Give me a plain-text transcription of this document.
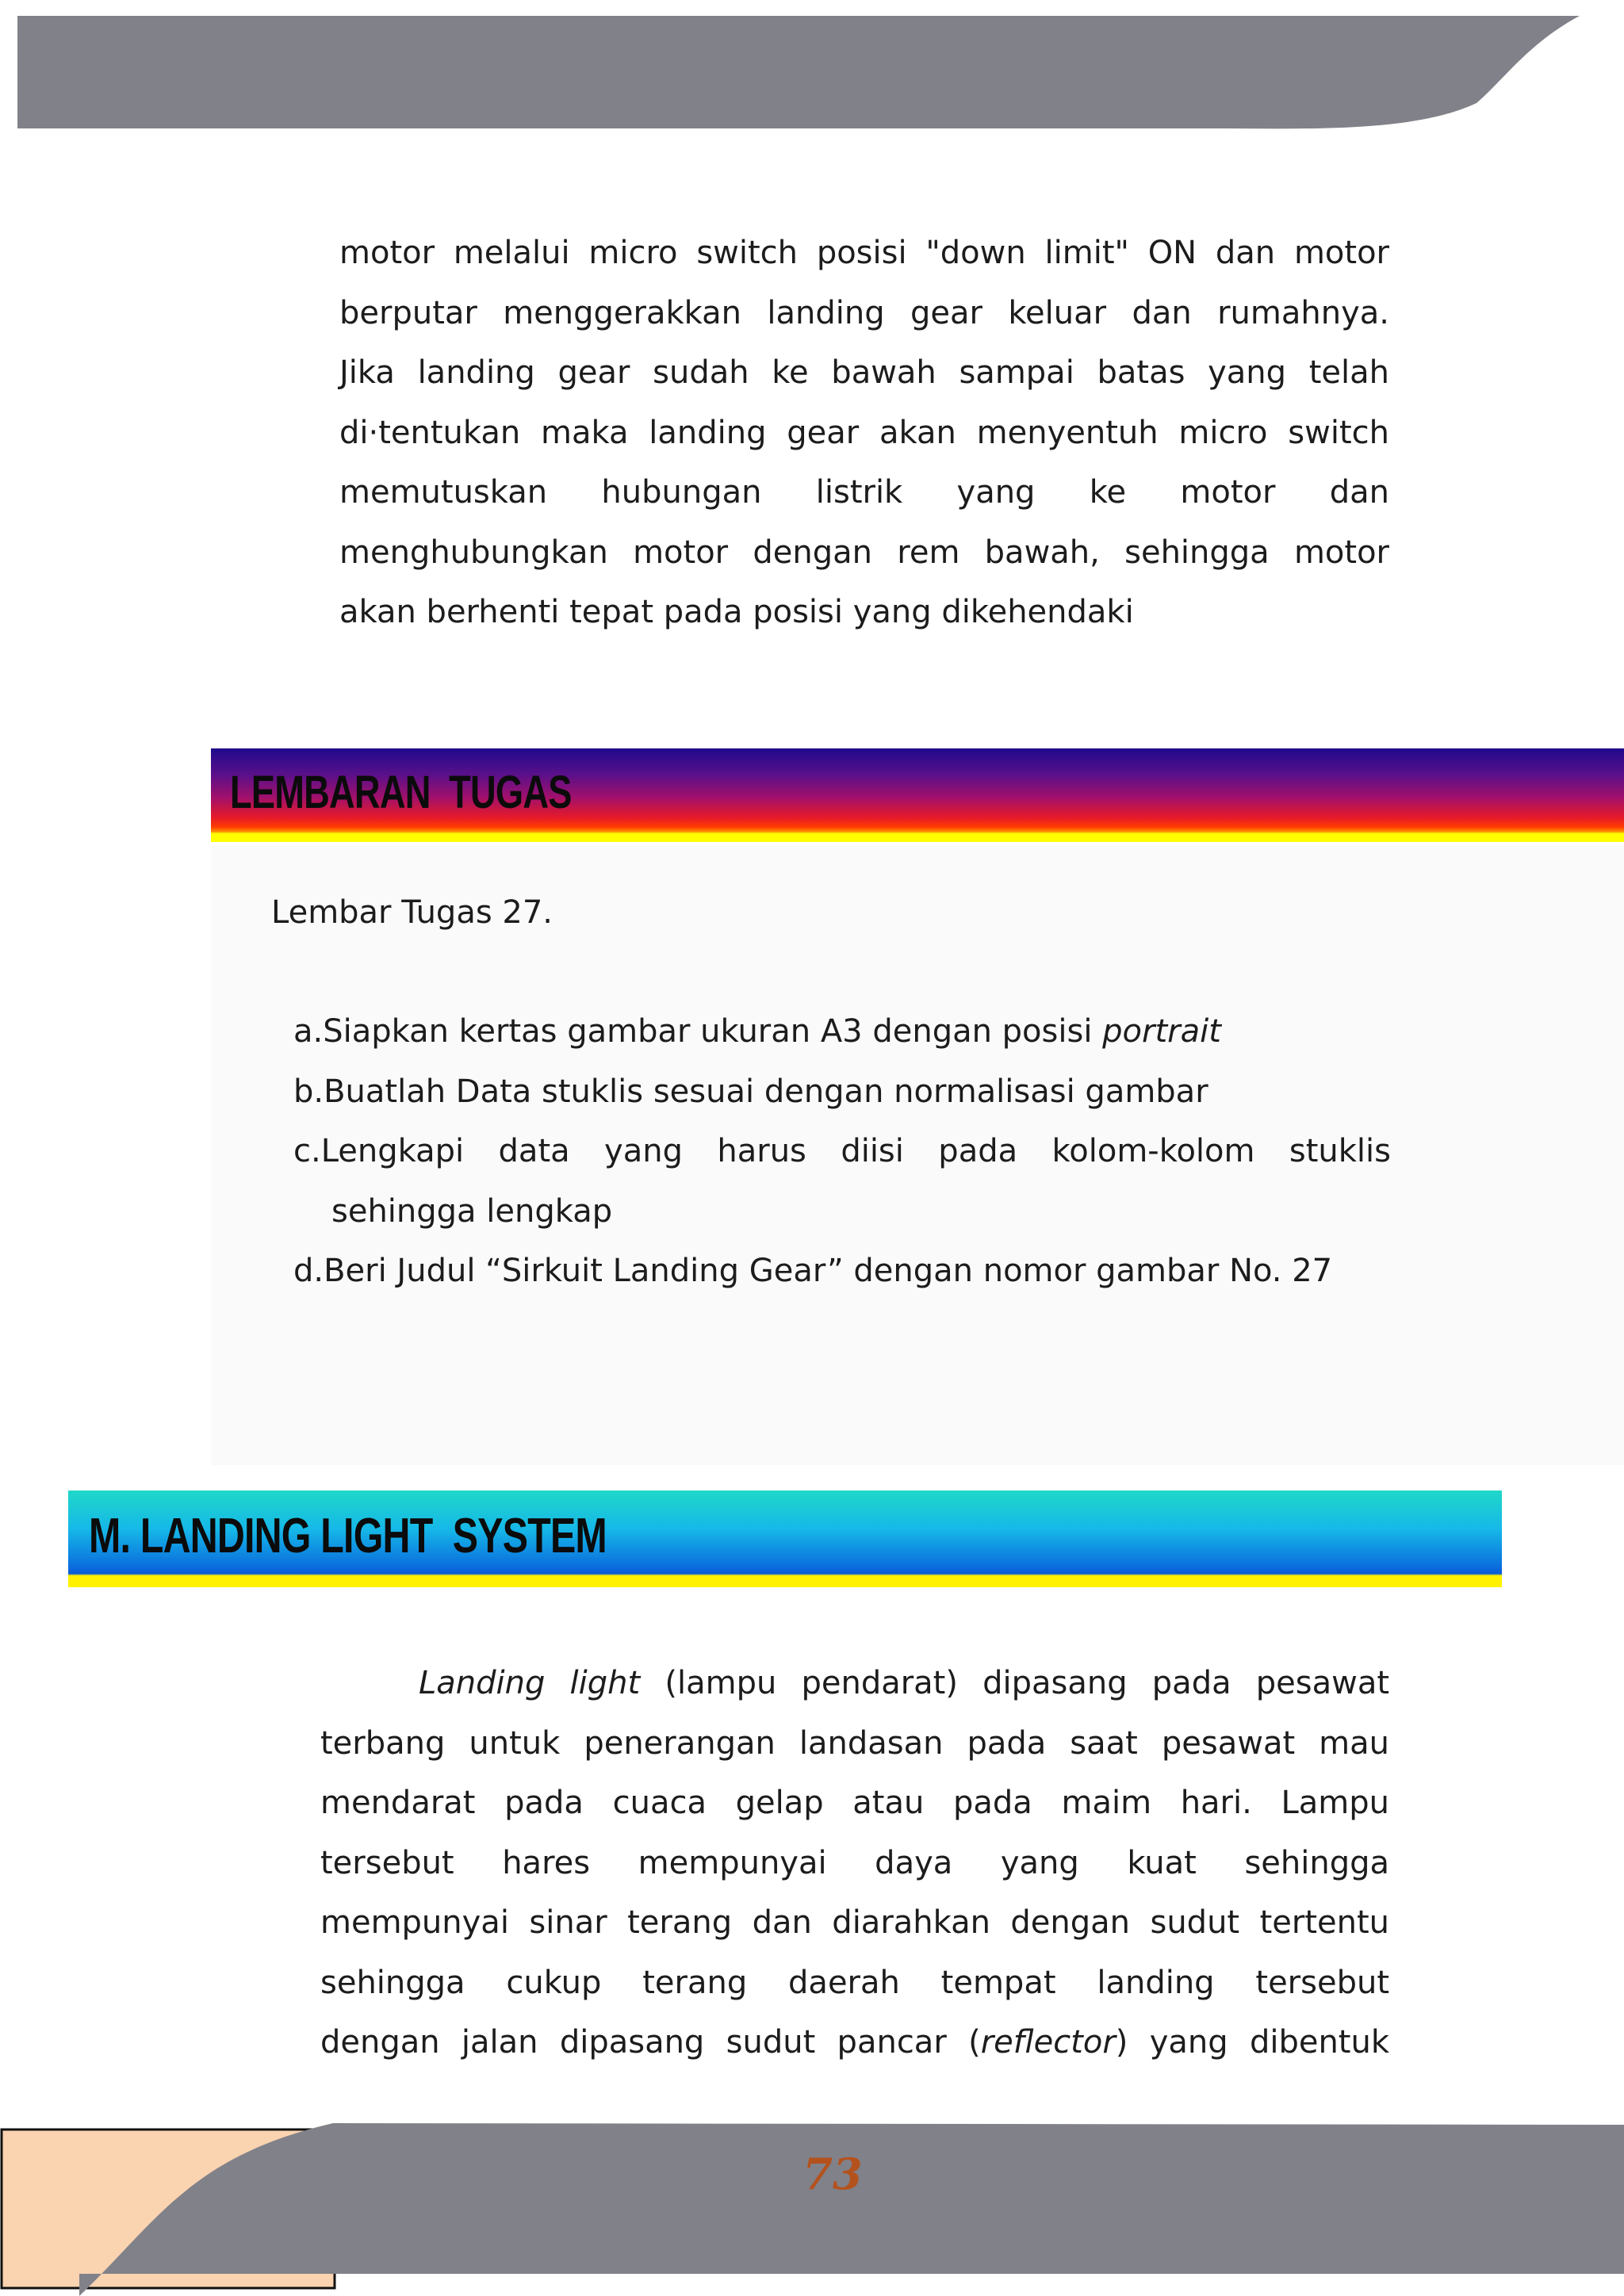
motor melalui micro switch posisi "down limit" ON dan motor
berputar menggerakkan landing gear keluar dan rumahnya.
Jika landing gear sudah ke bawah sampai batas yang telah
di·tentukan maka landing gear akan menyentuh micro switch
memutuskan hubungan listrik yang ke motor dan
menghubungkan motor dengan rem bawah, sehingga motor
akan berhenti tepat pada posisi yang dikehendaki
LEMBARAN  TUGAS
Lembar Tugas 27.
a.Siapkan kertas gambar ukuran A3 dengan posisi portrait
b.Buatlah Data stuklis sesuai dengan normalisasi gambar
c. Lengkapi data yang harus diisi pada kolom-kolom stuklis
sehingga lengkap
d.Beri Judul “Sirkuit Landing Gear” dengan nomor gambar No. 27
M. LANDING LIGHT  SYSTEM
Landing light (lampu pendarat) dipasang pada pesawat
terbang untuk penerangan landasan pada saat pesawat mau
mendarat pada cuaca gelap atau pada maim hari. Lampu
tersebut hares mempunyai daya yang kuat sehingga
mempunyai sinar terang dan diarahkan dengan sudut tertentu
sehingga cukup terang daerah tempat landing tersebut
dengan jalan dipasang sudut pancar (reflector) yang dibentuk
73
